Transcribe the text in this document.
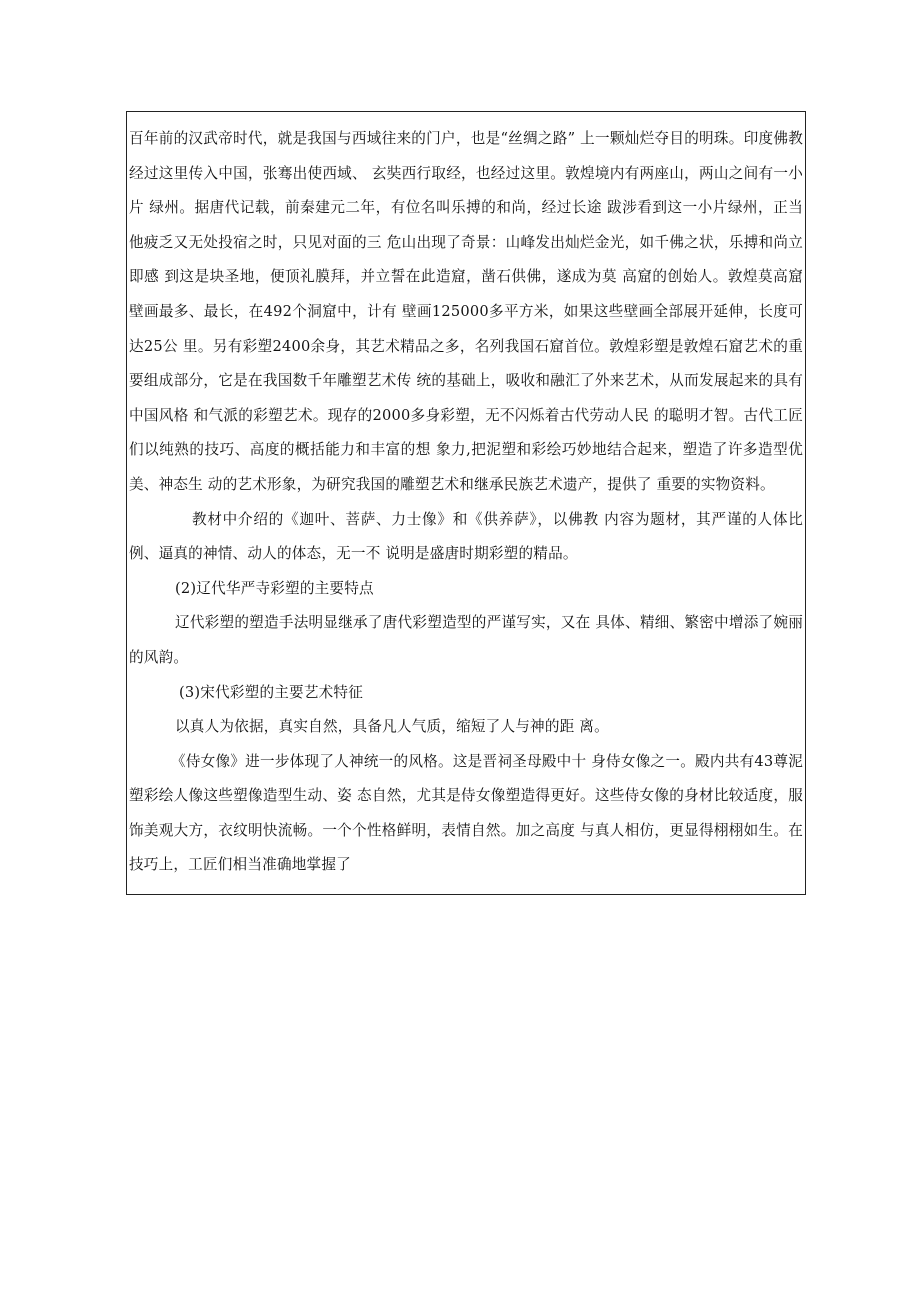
百年前的汉武帝时代，就是我国与西域往来的门户，也是“丝绸之路” 上一颗灿烂夺目的明珠。印度佛教经过这里传入中国，张骞出使西域、 玄奘西行取经，也经过这里。敦煌境内有两座山，两山之间有一小片 绿州。据唐代记载，前秦建元二年，有位名叫乐搏的和尚，经过长途 跋涉看到这一小片绿州，正当他疲乏又无处投宿之时，只见对面的三 危山出现了奇景：山峰发出灿烂金光，如千佛之状，乐搏和尚立即感 到这是块圣地，便顶礼膜拜，并立誓在此造窟，凿石供佛，遂成为莫 高窟的创始人。敦煌莫高窟壁画最多、最长，在492个洞窟中，计有 壁画125000多平方米，如果这些壁画全部展开延伸，长度可达25公 里。另有彩塑2400余身，其艺术精品之多，名列我国石窟首位。敦煌彩塑是敦煌石窟艺术的重要组成部分，它是在我国数千年雕塑艺术传 统的基础上，吸收和融汇了外来艺术，从而发展起来的具有中国风格 和气派的彩塑艺术。现存的2000多身彩塑，无不闪烁着古代劳动人民 的聪明才智。古代工匠们以纯熟的技巧、高度的概括能力和丰富的想 象力,把泥塑和彩绘巧妙地结合起来，塑造了许多造型优美、神态生 动的艺术形象，为研究我国的雕塑艺术和继承民族艺术遗产，提供了 重要的实物资料。

教材中介绍的《迦叶、菩萨、力士像》和《供养萨》，以佛教 内容为题材，其严谨的人体比例、逼真的神情、动人的体态，无一不 说明是盛唐时期彩塑的精品。

(2)辽代华严寺彩塑的主要特点

辽代彩塑的塑造手法明显继承了唐代彩塑造型的严谨写实，又在 具体、精细、繁密中增添了婉丽的风韵。

(3)宋代彩塑的主要艺术特征

以真人为依据，真实自然，具备凡人气质，缩短了人与神的距 离。

《侍女像》进一步体现了人神统一的风格。这是晋祠圣母殿中十 身侍女像之一。殿内共有43尊泥塑彩绘人像这些塑像造型生动、姿 态自然，尤其是侍女像塑造得更好。这些侍女像的身材比较适度，服 饰美观大方，衣纹明快流畅。一个个性格鲜明，表情自然。加之高度 与真人相仿，更显得栩栩如生。在技巧上，工匠们相当准确地掌握了
